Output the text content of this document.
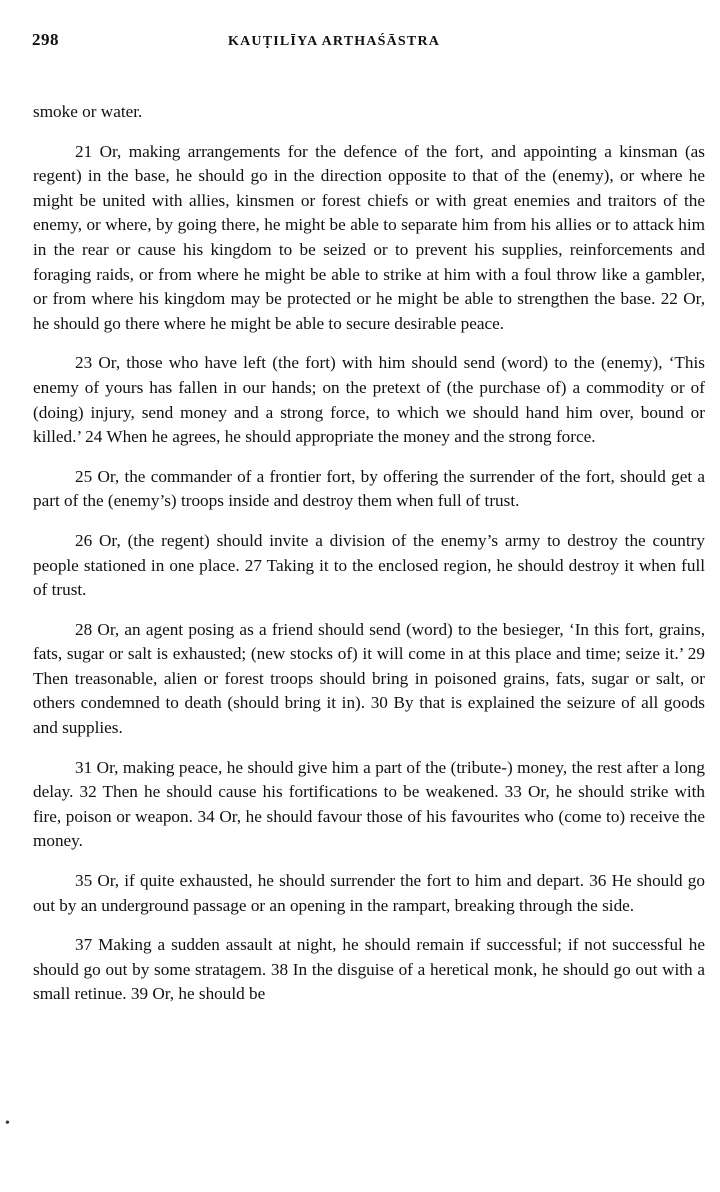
298	KAUṬILĪYA ARTHAŚĀSTRA

smoke or water.

21 Or, making arrangements for the defence of the fort, and appointing a kinsman (as regent) in the base, he should go in the direction opposite to that of the (enemy), or where he might be united with allies, kinsmen or forest chiefs or with great enemies and traitors of the enemy, or where, by going there, he might be able to separate him from his allies or to attack him in the rear or cause his kingdom to be seized or to prevent his supplies, reinforcements and foraging raids, or from where he might be able to strike at him with a foul throw like a gambler, or from where his kingdom may be protected or he might be able to strengthen the base. 22 Or, he should go there where he might be able to secure desirable peace.

23 Or, those who have left (the fort) with him should send (word) to the (enemy), ‘This enemy of yours has fallen in our hands; on the pretext of (the purchase of) a commodity or of (doing) injury, send money and a strong force, to which we should hand him over, bound or killed.’ 24 When he agrees, he should appropriate the money and the strong force.

25 Or, the commander of a frontier fort, by offering the surrender of the fort, should get a part of the (enemy’s) troops inside and destroy them when full of trust.

26 Or, (the regent) should invite a division of the enemy’s army to destroy the country people stationed in one place. 27 Taking it to the enclosed region, he should destroy it when full of trust.

28 Or, an agent posing as a friend should send (word) to the besieger, ‘In this fort, grains, fats, sugar or salt is exhausted; (new stocks of) it will come in at this place and time; seize it.’ 29 Then treasonable, alien or forest troops should bring in poisoned grains, fats, sugar or salt, or others condemned to death (should bring it in). 30 By that is explained the seizure of all goods and supplies.

31 Or, making peace, he should give him a part of the (tribute-) money, the rest after a long delay. 32 Then he should cause his fortifications to be weakened. 33 Or, he should strike with fire, poison or weapon. 34 Or, he should favour those of his favourites who (come to) receive the money.

35 Or, if quite exhausted, he should surrender the fort to him and depart. 36 He should go out by an underground passage or an opening in the rampart, breaking through the side.

37 Making a sudden assault at night, he should remain if successful; if not successful he should go out by some stratagem. 38 In the disguise of a heretical monk, he should go out with a small retinue. 39 Or, he should be

•
